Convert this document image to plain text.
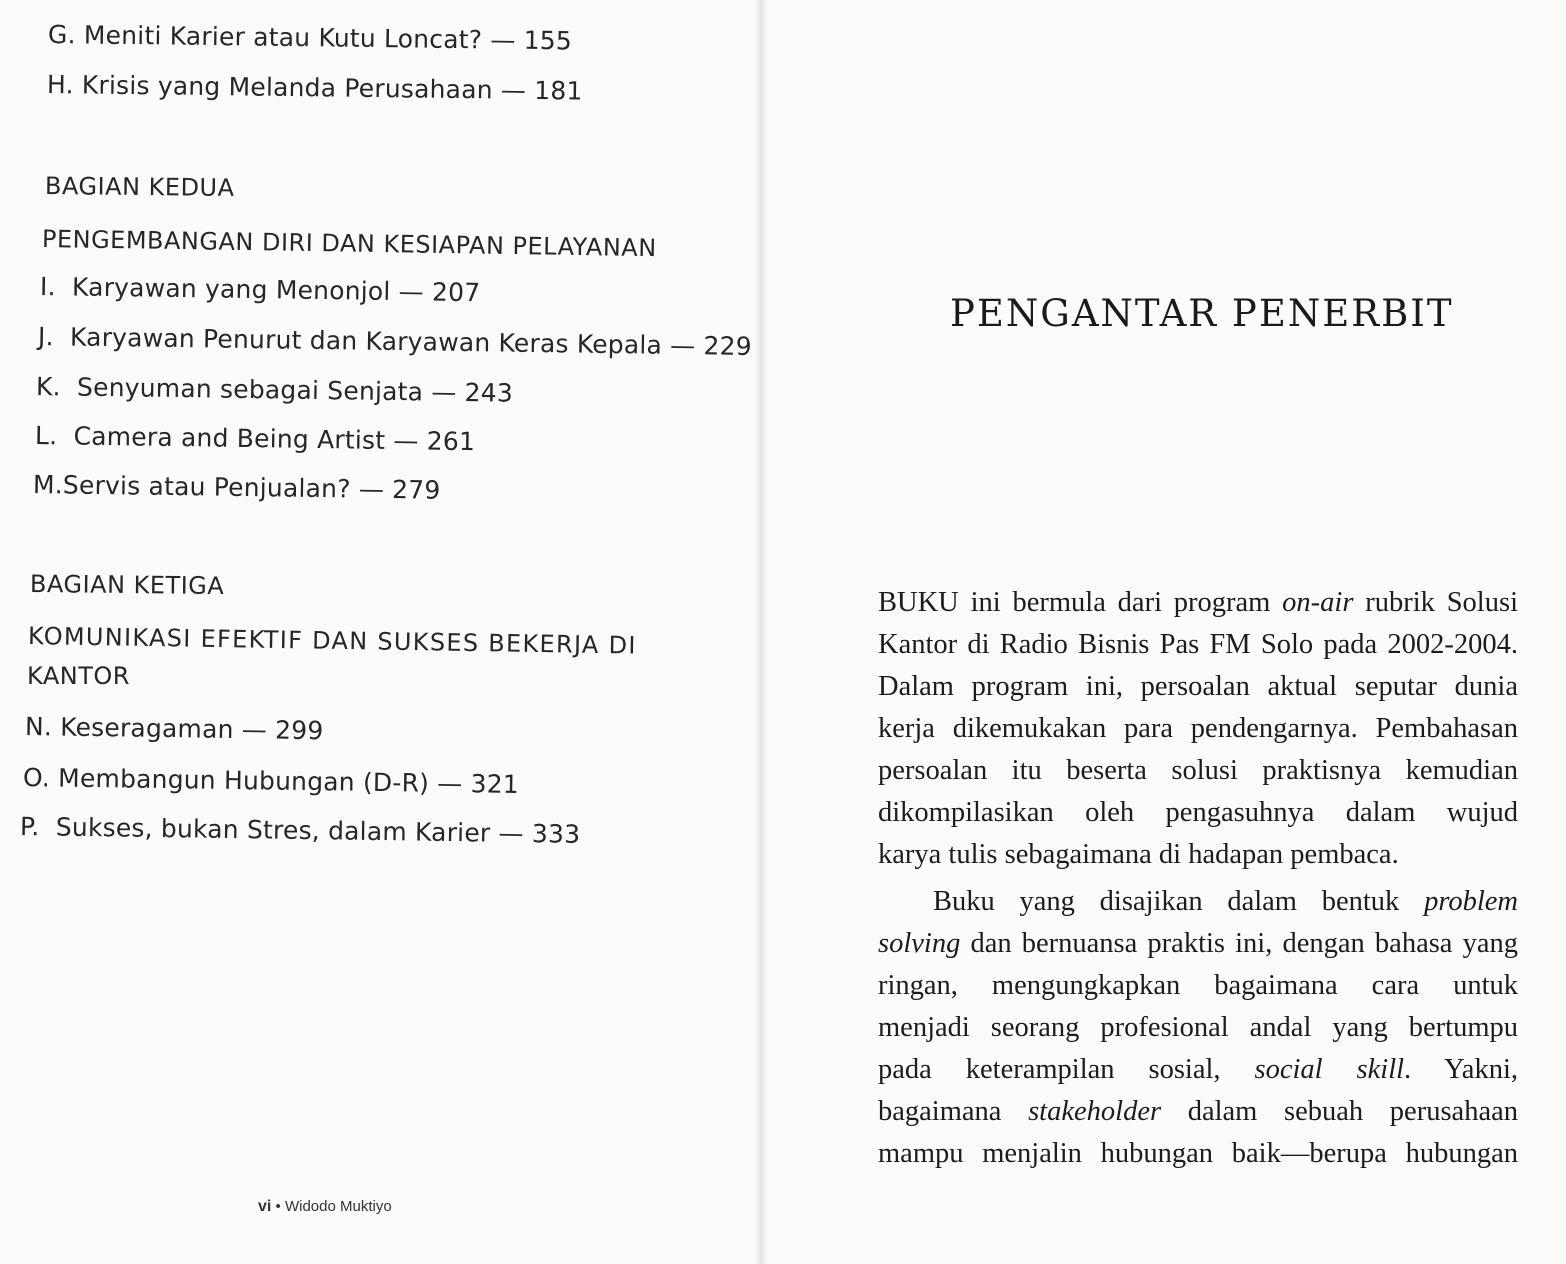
G. Meniti Karier atau Kutu Loncat? — 155
H. Krisis yang Melanda Perusahaan — 181
BAGIAN KEDUA
PENGEMBANGAN DIRI DAN KESIAPAN PELAYANAN
I. Karyawan yang Menonjol — 207
J. Karyawan Penurut dan Karyawan Keras Kepala — 229
K. Senyuman sebagai Senjata — 243
L. Camera and Being Artist — 261
M.Servis atau Penjualan? — 279
BAGIAN KETIGA
KOMUNIKASI EFEKTIF DAN SUKSES BEKERJA DI
KANTOR
N. Keseragaman — 299
O. Membangun Hubungan (D-R) — 321
P. Sukses, bukan Stres, dalam Karier — 333
vi • Widodo Muktiyo
PENGANTAR PENERBIT
BUKU ini bermula dari program on-air rubrik Solusi
Kantor di Radio Bisnis Pas FM Solo pada 2002-2004.
Dalam program ini, persoalan aktual seputar dunia
kerja dikemukakan para pendengarnya. Pembahasan
persoalan itu beserta solusi praktisnya kemudian
dikompilasikan oleh pengasuhnya dalam wujud
karya tulis sebagaimana di hadapan pembaca.
Buku yang disajikan dalam bentuk problem
solving dan bernuansa praktis ini, dengan bahasa yang
ringan, mengungkapkan bagaimana cara untuk
menjadi seorang profesional andal yang bertumpu
pada keterampilan sosial, social skill. Yakni,
bagaimana stakeholder dalam sebuah perusahaan
mampu menjalin hubungan baik—berupa hubungan
